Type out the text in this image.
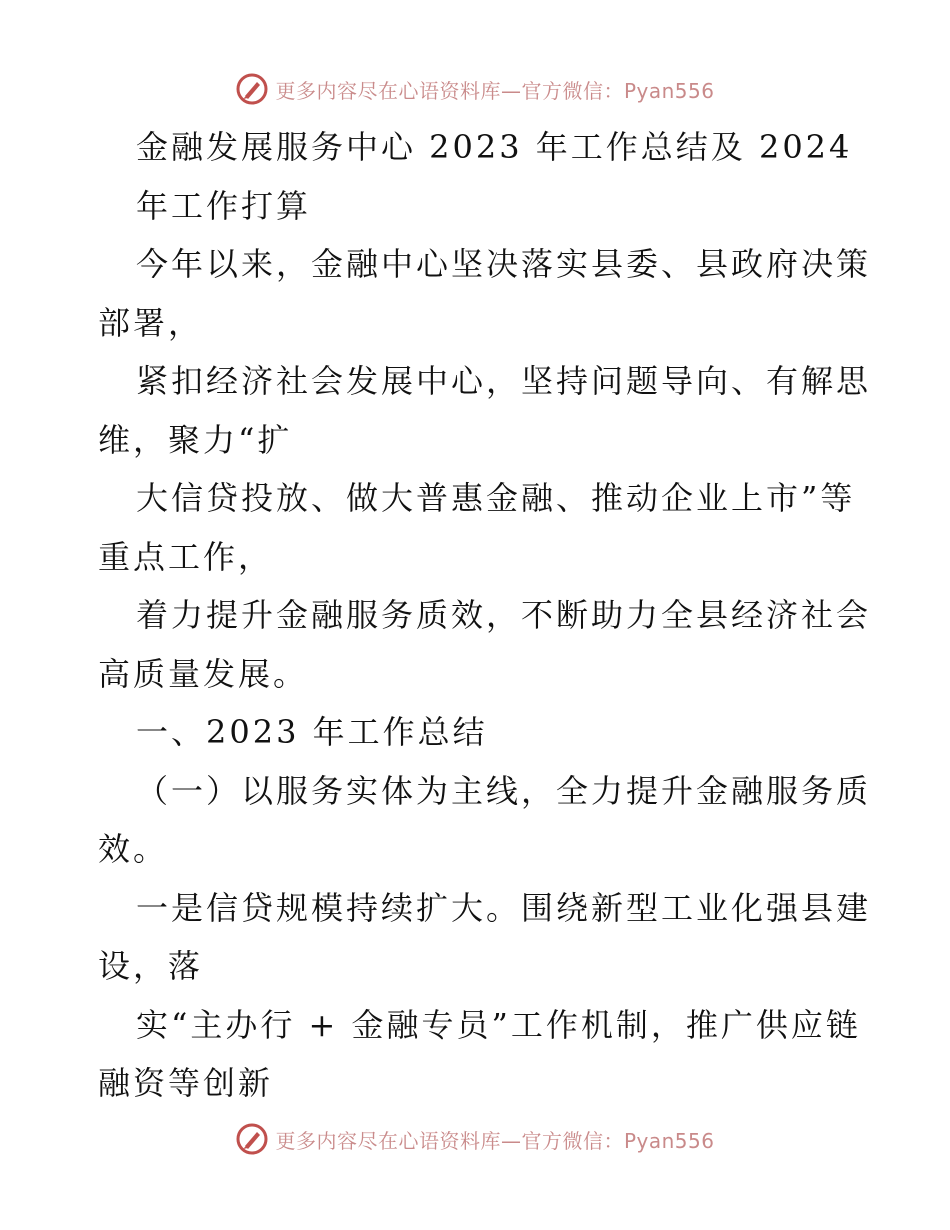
更多内容尽在心语资料库—官方微信：Pyan556
金融发展服务中心 2023 年工作总结及 2024
年工作打算
今年以来，金融中心坚决落实县委、县政府决策
部署，
紧扣经济社会发展中心，坚持问题导向、有解思
维，聚力“扩
大信贷投放、做大普惠金融、推动企业上市”等
重点工作，
着力提升金融服务质效，不断助力全县经济社会
高质量发展。
一、2023 年工作总结
（一）以服务实体为主线，全力提升金融服务质
效。
一是信贷规模持续扩大。围绕新型工业化强县建
设，落
实“主办行 + 金融专员”工作机制，推广供应链
融资等创新
更多内容尽在心语资料库—官方微信：Pyan556
